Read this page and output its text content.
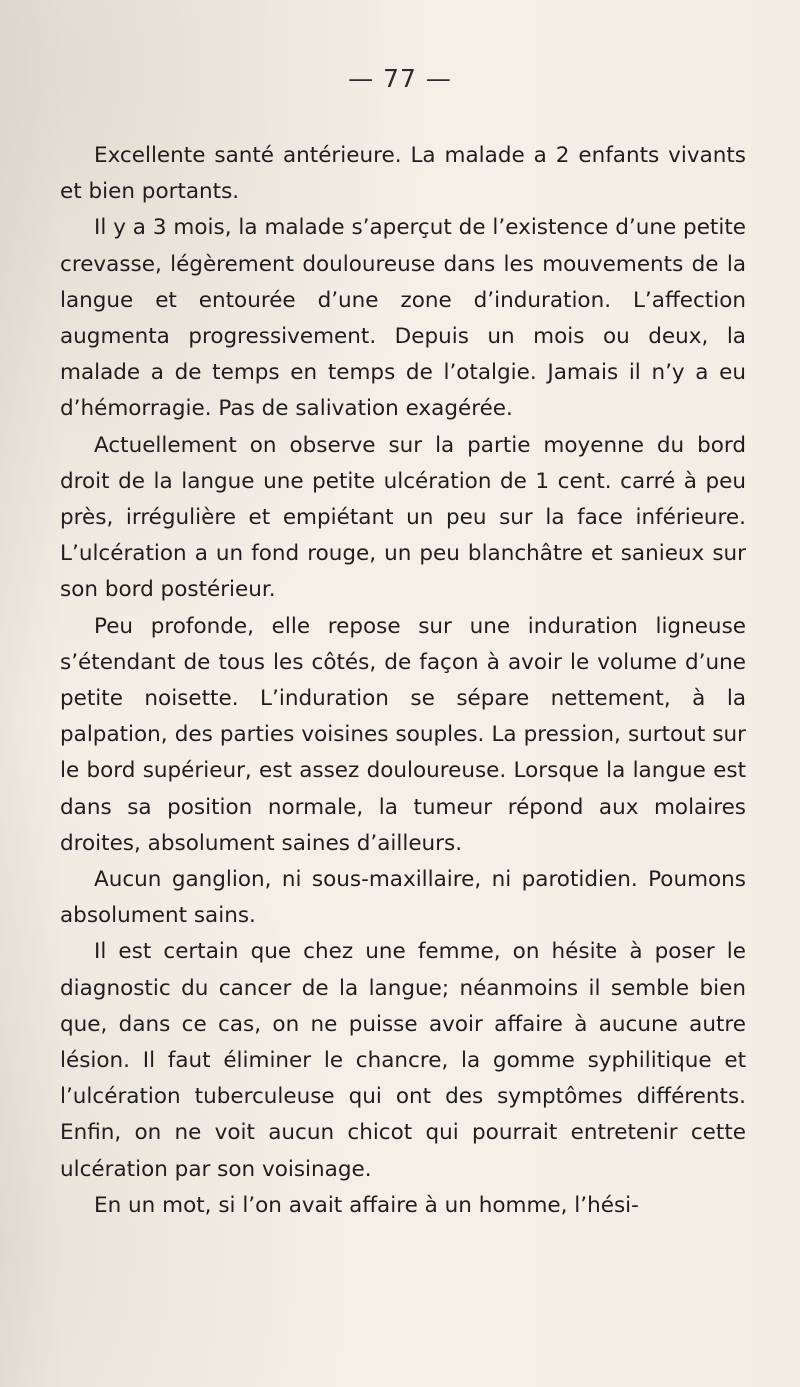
— 77 —

Excellente santé antérieure. La malade a 2 enfants vivants et bien portants.

Il y a 3 mois, la malade s’aperçut de l’existence d’une petite crevasse, légèrement douloureuse dans les mouvements de la langue et entourée d’une zone d’induration. L’affection augmenta progressivement. Depuis un mois ou deux, la malade a de temps en temps de l’otalgie. Jamais il n’y a eu d’hémorragie. Pas de salivation exagérée.

Actuellement on observe sur la partie moyenne du bord droit de la langue une petite ulcération de 1 cent. carré à peu près, irrégulière et empiétant un peu sur la face inférieure. L’ulcération a un fond rouge, un peu blanchâtre et sanieux sur son bord postérieur.

Peu profonde, elle repose sur une induration ligneuse s’étendant de tous les côtés, de façon à avoir le volume d’une petite noisette. L’induration se sépare nettement, à la palpation, des parties voisines souples. La pression, surtout sur le bord supérieur, est assez douloureuse. Lorsque la langue est dans sa position normale, la tumeur répond aux molaires droites, absolument saines d’ailleurs.

Aucun ganglion, ni sous-maxillaire, ni parotidien. Poumons absolument sains.

Il est certain que chez une femme, on hésite à poser le diagnostic du cancer de la langue; néanmoins il semble bien que, dans ce cas, on ne puisse avoir affaire à aucune autre lésion. Il faut éliminer le chancre, la gomme syphilitique et l’ulcération tuberculeuse qui ont des symptômes différents. Enfin, on ne voit aucun chicot qui pourrait entretenir cette ulcération par son voisinage.

En un mot, si l’on avait affaire à un homme, l’hési-
